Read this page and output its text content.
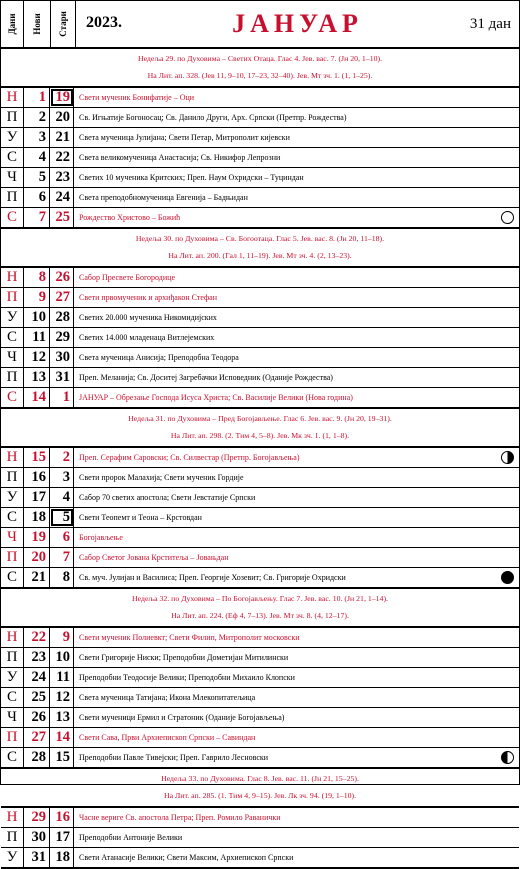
Дани Нови Стари 2023.	ЈАНУАР	31 дан
Недеља 29. по Духовима – Светих Отаца. Глас 4. Јев. вас. 7. (Јн 20, 1–10).
На Лит. ап. 328. (Јев 11, 9–10, 17–23, 32–40). Јев. Мт зч. 1. (1, 1–25).
Н	1 19	Свети мученик Бонифатије – Оци
П	2 20	Св. Игњатије Богоносац; Св. Данило Други, Арх. Српски (Претпр. Рождества)
У	3 21	Света мученица Јулијана; Свети Петар, Митрополит кијевски
С	4 22	Света великомученица Анастасија; Св. Никифор Лепрозни
Ч	5 23	Светих 10 мученика Критских; Преп. Наум Охридски – Туциндан
П	6 24	Света преподобномученица Евгенија – Бадњидан
С	7 25	Рождество Христово – Божић
Недеља 30. по Духовима – Св. Богоотаца. Глас 5. Јев. вас. 8. (Јн 20, 11–18).
На Лит. ап. 200. (Гал 1, 11–19). Јев. Мт зч. 4. (2, 13–23).
Н	8 26	Сабор Пресвете Богородице
П	9 27	Свети првомученик и архиђакон Стефан
У 10 28	Светих 20.000 мученика Никомидијских
С	11 29	Светих 14.000 младенаца Витлејемских
Ч	12 30	Света мученица Анисија; Преподобна Теодора
П 13 31	Преп. Меланија; Св. Доситеј Загребачки Исповедник (Оданије Рождества)
С	14	1	ЈАНУАР – Обрезање Господа Исуса Христа; Св. Василије Велики (Нова година)
Недеља 31. по Духовима – Пред Богојављење. Глас 6. Јев. вас. 9. (Јн 20, 19–31).
На Лит. ап. 298. (2. Тим 4, 5–8). Јев. Мк зч. 1. (1, 1–8).
Н 15	2	Преп. Серафим Саровски; Св. Силвестар (Претпр. Богојављења)
П 16	3	Свети пророк Малахија; Свети мученик Гордије
У 17	4	Сабор 70 светих апостола; Свети Јевстатије Српски
С	18	5	Свети Теопемт и Теона – Крстовдан
Ч	19	6	Богојављење
П 20	7	Сабор Светог Јована Крститеља – Јовањдан
С	21	8	Св. муч. Јулијан и Василиса; Преп. Георгије Хозевит; Св. Григорије Охридски
Недеља 32. по Духовима – По Богојављењу. Глас 7. Јев. вас. 10. (Јн 21, 1–14).
На Лит. ап. 224. (Еф 4, 7–13). Јев. Мт зч. 8. (4, 12–17).
Н 22	9	Свети мученик Полиевкт; Свети Филип, Митрополит московски
П 23 10	Свети Григорије Ниски; Преподобни Дометијан Митилински
У 24 11	Преподобни Теодосије Велики; Преподобни Михаило Клопски
С	25 12	Света мученица Татијана; Икона Млекопитатељица
Ч	26 13	Свети мученици Ермил и Стратоник (Оданије Богојављења)
П 27 14	Свети Сава, Први Архиепископ Српски – Савиндан
С	28 15	Преподобни Павле Тивејски; Преп. Гаврило Лесновски
Недеља 33. по Духовима. Глас 8. Јев. вас. 11. (Јн 21, 15–25).
На Лит. ап. 285. (1. Тим 4, 9–15). Јев. Лк зч. 94. (19, 1–10).
Н 29 16	Часне вериге Св. апостола Петра; Преп. Ромило Раванички
П 30 17	Преподобни Антоније Велики
У 31 18	Свети Атанасије Велики; Свети Максим, Архиепископ Српски
